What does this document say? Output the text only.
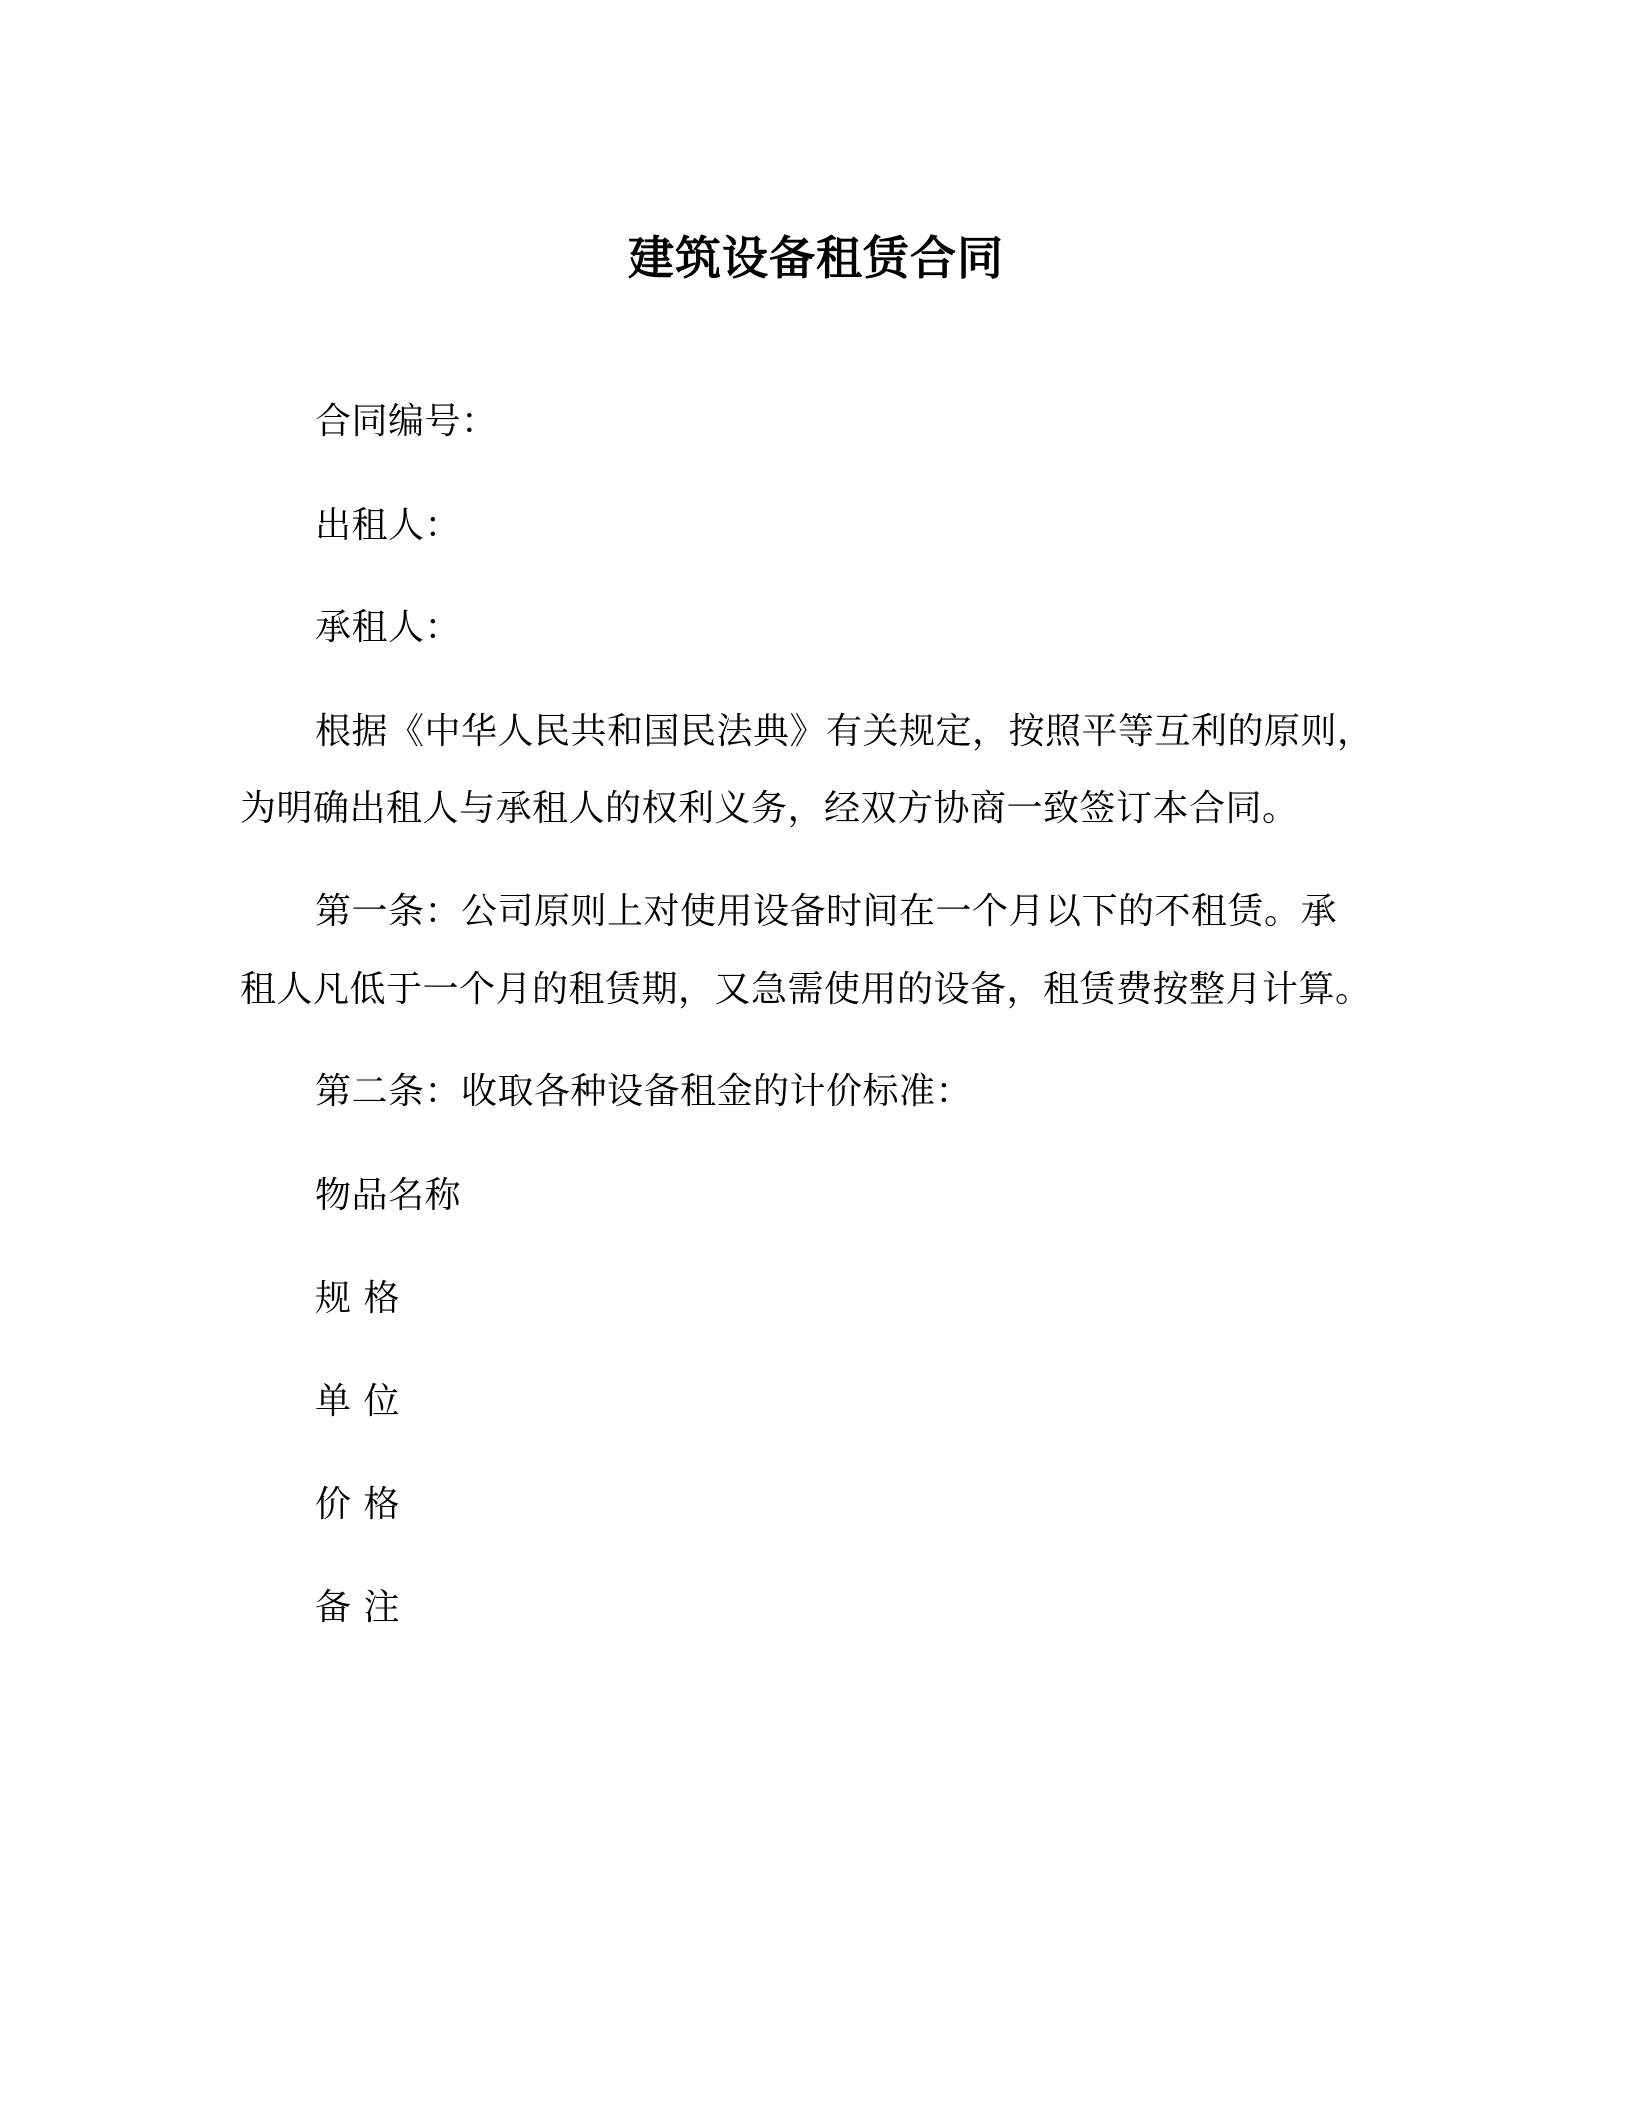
建筑设备租赁合同
合同编号：
出租人：
承租人：
根据《中华人民共和国民法典》有关规定，按照平等互利的原则，
为明确出租人与承租人的权利义务，经双方协商一致签订本合同。
第一条：公司原则上对使用设备时间在一个月以下的不租赁。承
租人凡低于一个月的租赁期，又急需使用的设备，租赁费按整月计算。
第二条：收取各种设备租金的计价标准：
物品名称
规 格
单 位
价 格
备 注
